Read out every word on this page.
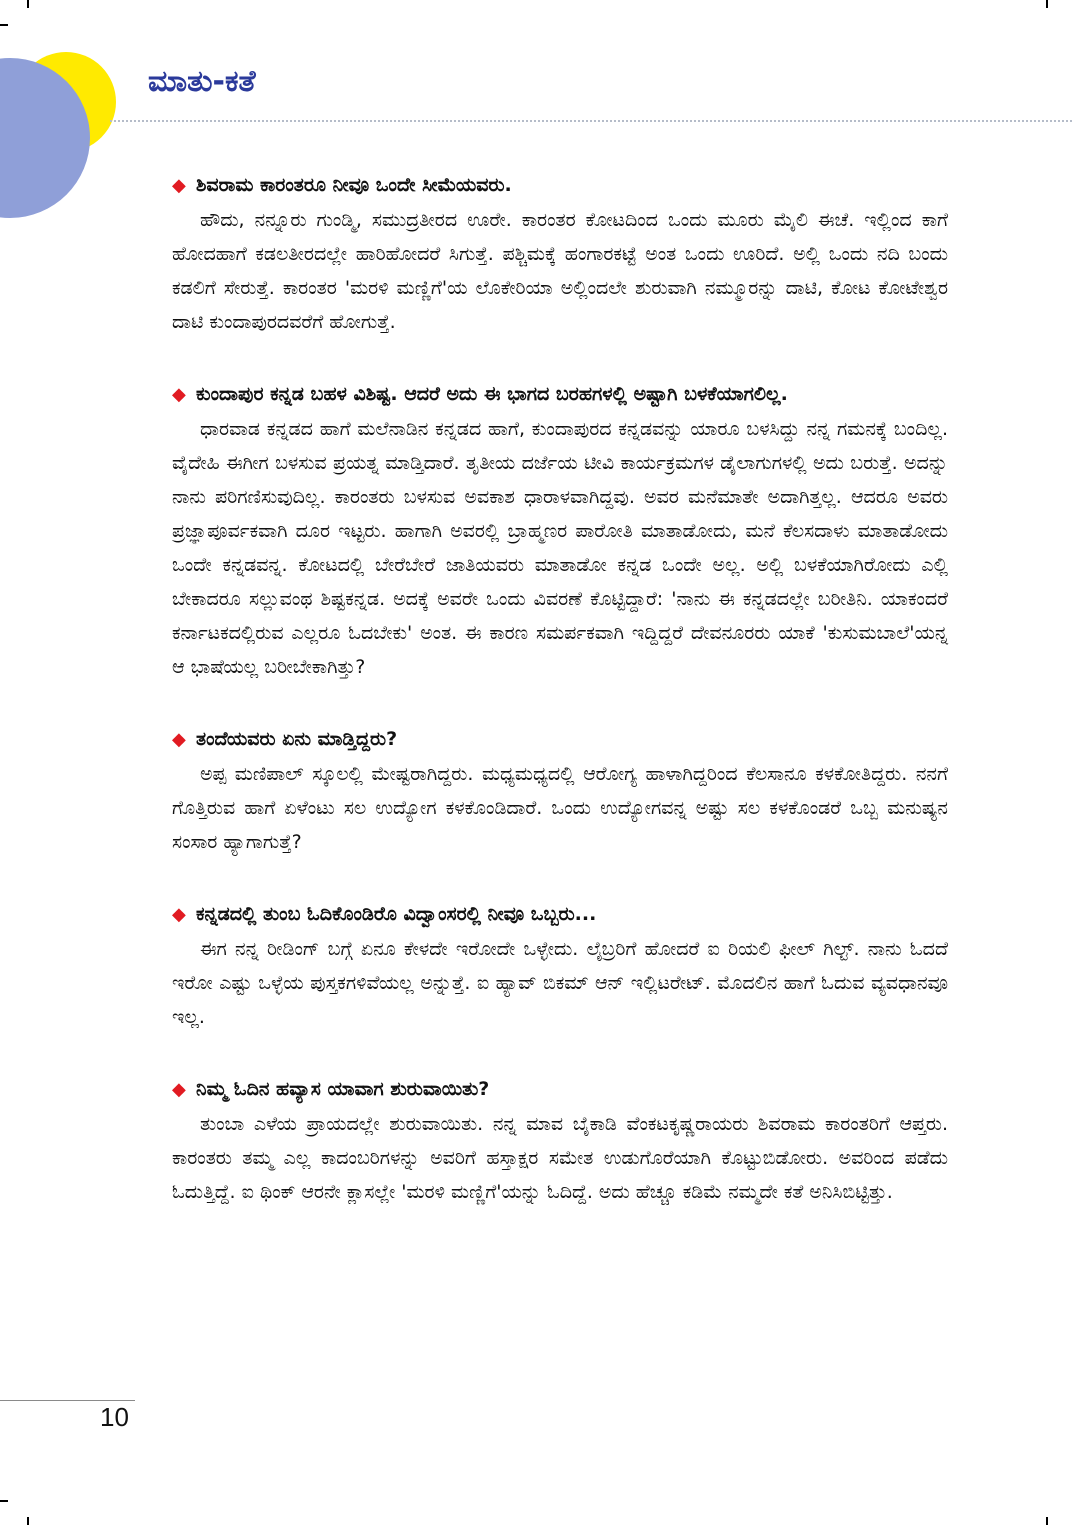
ಮಾತು-ಕತೆ

◆ ಶಿವರಾಮ ಕಾರಂತರೂ ನೀವೂ ಒಂದೇ ಸೀಮೆಯವರು.

ಹೌದು, ನನ್ನೂರು ಗುಂಡ್ಮಿ, ಸಮುದ್ರತೀರದ ಊರೇ. ಕಾರಂತರ ಕೋಟದಿಂದ ಒಂದು ಮೂರು ಮೈಲಿ ಈಚೆ. ಇಲ್ಲಿಂದ ಕಾಗೆ ಹೋದಹಾಗೆ ಕಡಲತೀರದಲ್ಲೇ ಹಾರಿಹೋದರೆ ಸಿಗುತ್ತೆ. ಪಶ್ಚಿಮಕ್ಕೆ ಹಂಗಾರಕಟ್ಟೆ ಅಂತ ಒಂದು ಊರಿದೆ. ಅಲ್ಲಿ ಒಂದು ನದಿ ಬಂದು ಕಡಲಿಗೆ ಸೇರುತ್ತೆ. ಕಾರಂತರ 'ಮರಳಿ ಮಣ್ಣಿಗೆ'ಯ ಲೊಕೇರಿಯಾ ಅಲ್ಲಿಂದಲೇ ಶುರುವಾಗಿ ನಮ್ಮೂರನ್ನು ದಾಟಿ, ಕೋಟ ಕೋಟೇಶ್ವರ ದಾಟಿ ಕುಂದಾಪುರದವರೆಗೆ ಹೋಗುತ್ತೆ.

◆ ಕುಂದಾಪುರ ಕನ್ನಡ ಬಹಳ ವಿಶಿಷ್ಟ. ಆದರೆ ಅದು ಈ ಭಾಗದ ಬರಹಗಳಲ್ಲಿ ಅಷ್ಟಾಗಿ ಬಳಕೆಯಾಗಲಿಲ್ಲ.

ಧಾರವಾಡ ಕನ್ನಡದ ಹಾಗೆ ಮಲೆನಾಡಿನ ಕನ್ನಡದ ಹಾಗೆ, ಕುಂದಾಪುರದ ಕನ್ನಡವನ್ನು ಯಾರೂ ಬಳಸಿದ್ದು ನನ್ನ ಗಮನಕ್ಕೆ ಬಂದಿಲ್ಲ. ವೈದೇಹಿ ಈಗೀಗ ಬಳಸುವ ಪ್ರಯತ್ನ ಮಾಡ್ತಿದಾರೆ. ತೃತೀಯ ದರ್ಜೆಯ ಟೀವಿ ಕಾರ್ಯಕ್ರಮಗಳ ಡೈಲಾಗುಗಳಲ್ಲಿ ಅದು ಬರುತ್ತೆ. ಅದನ್ನು ನಾನು ಪರಿಗಣಿಸುವುದಿಲ್ಲ. ಕಾರಂತರು ಬಳಸುವ ಅವಕಾಶ ಧಾರಾಳವಾಗಿದ್ದವು. ಅವರ ಮನೆಮಾತೇ ಅದಾಗಿತ್ತಲ್ಲ. ಆದರೂ ಅವರು ಪ್ರಜ್ಞಾಪೂರ್ವಕವಾಗಿ ದೂರ ಇಟ್ಟರು. ಹಾಗಾಗಿ ಅವರಲ್ಲಿ ಬ್ರಾಹ್ಮಣರ ಪಾರೋತಿ ಮಾತಾಡೋದು, ಮನೆ ಕೆಲಸದಾಳು ಮಾತಾಡೋದು ಒಂದೇ ಕನ್ನಡವನ್ನ. ಕೋಟದಲ್ಲಿ ಬೇರೆಬೇರೆ ಜಾತಿಯವರು ಮಾತಾಡೋ ಕನ್ನಡ ಒಂದೇ ಅಲ್ಲ. ಅಲ್ಲಿ ಬಳಕೆಯಾಗಿರೋದು ಎಲ್ಲಿ ಬೇಕಾದರೂ ಸಲ್ಲುವಂಥ ಶಿಷ್ಟಕನ್ನಡ. ಅದಕ್ಕೆ ಅವರೇ ಒಂದು ವಿವರಣೆ ಕೊಟ್ಟಿದ್ದಾರೆ: 'ನಾನು ಈ ಕನ್ನಡದಲ್ಲೇ ಬರೀತಿನಿ. ಯಾಕಂದರೆ ಕರ್ನಾಟಕದಲ್ಲಿರುವ ಎಲ್ಲರೂ ಓದಬೇಕು' ಅಂತ. ಈ ಕಾರಣ ಸಮರ್ಪಕವಾಗಿ ಇದ್ದಿದ್ದರೆ ದೇವನೂರರು ಯಾಕೆ 'ಕುಸುಮಬಾಲೆ'ಯನ್ನ ಆ ಭಾಷೆಯಲ್ಲ ಬರೀಬೇಕಾಗಿತ್ತು?

◆ ತಂದೆಯವರು ಏನು ಮಾಡ್ತಿದ್ದರು?

ಅಪ್ಪ ಮಣಿಪಾಲ್ ಸ್ಕೂಲಲ್ಲಿ ಮೇಷ್ಟರಾಗಿದ್ದರು. ಮಧ್ಯಮಧ್ಯದಲ್ಲಿ ಆರೋಗ್ಯ ಹಾಳಾಗಿದ್ದರಿಂದ ಕೆಲಸಾನೂ ಕಳಕೋತಿದ್ದರು. ನನಗೆ ಗೊತ್ತಿರುವ ಹಾಗೆ ಏಳೆಂಟು ಸಲ ಉದ್ಯೋಗ ಕಳಕೊಂಡಿದಾರೆ. ಒಂದು ಉದ್ಯೋಗವನ್ನ ಅಷ್ಟು ಸಲ ಕಳಕೊಂಡರೆ ಒಬ್ಬ ಮನುಷ್ಯನ ಸಂಸಾರ ಹ್ಯಾಗಾಗುತ್ತೆ?

◆ ಕನ್ನಡದಲ್ಲಿ ತುಂಬ ಓದಿಕೊಂಡಿರೊ ವಿದ್ವಾಂಸರಲ್ಲಿ ನೀವೂ ಒಬ್ಬರು...

ಈಗ ನನ್ನ ರೀಡಿಂಗ್ ಬಗ್ಗೆ ಏನೂ ಕೇಳದೇ ಇರೋದೇ ಒಳ್ಳೇದು. ಲೈಬ್ರರಿಗೆ ಹೋದರೆ ಐ ರಿಯಲಿ ಫೀಲ್ ಗಿಲ್ಟ್. ನಾನು ಓದದೆ ಇರೋ ಎಷ್ಟು ಒಳ್ಳೆಯ ಪುಸ್ತಕಗಳಿವೆಯಲ್ಲ ಅನ್ನುತ್ತೆ. ಐ ಹ್ಯಾವ್ ಬಿಕಮ್ ಆನ್ ಇಲ್ಲಿಟರೇಟ್. ಮೊದಲಿನ ಹಾಗೆ ಓದುವ ವ್ಯವಧಾನವೂ ಇಲ್ಲ.

◆ ನಿಮ್ಮ ಓದಿನ ಹವ್ಯಾಸ ಯಾವಾಗ ಶುರುವಾಯಿತು?

ತುಂಬಾ ಎಳೆಯ ಪ್ರಾಯದಲ್ಲೇ ಶುರುವಾಯಿತು. ನನ್ನ ಮಾವ ಬೈಕಾಡಿ ವೆಂಕಟಕೃಷ್ಣರಾಯರು ಶಿವರಾಮ ಕಾರಂತರಿಗೆ ಆಪ್ತರು. ಕಾರಂತರು ತಮ್ಮ ಎಲ್ಲ ಕಾದಂಬರಿಗಳನ್ನು ಅವರಿಗೆ ಹಸ್ತಾಕ್ಷರ ಸಮೇತ ಉಡುಗೊರೆಯಾಗಿ ಕೊಟ್ಟುಬಿಡೋರು. ಅವರಿಂದ ಪಡೆದು ಓದುತ್ತಿದ್ದೆ. ಐ ಥಿಂಕ್ ಆರನೇ ಕ್ಲಾಸಲ್ಲೇ 'ಮರಳಿ ಮಣ್ಣಿಗೆ'ಯನ್ನು ಓದಿದ್ದೆ. ಅದು ಹೆಚ್ಚೂ ಕಡಿಮೆ ನಮ್ಮದೇ ಕತೆ ಅನಿಸಿಬಿಟ್ಟಿತ್ತು.

10
